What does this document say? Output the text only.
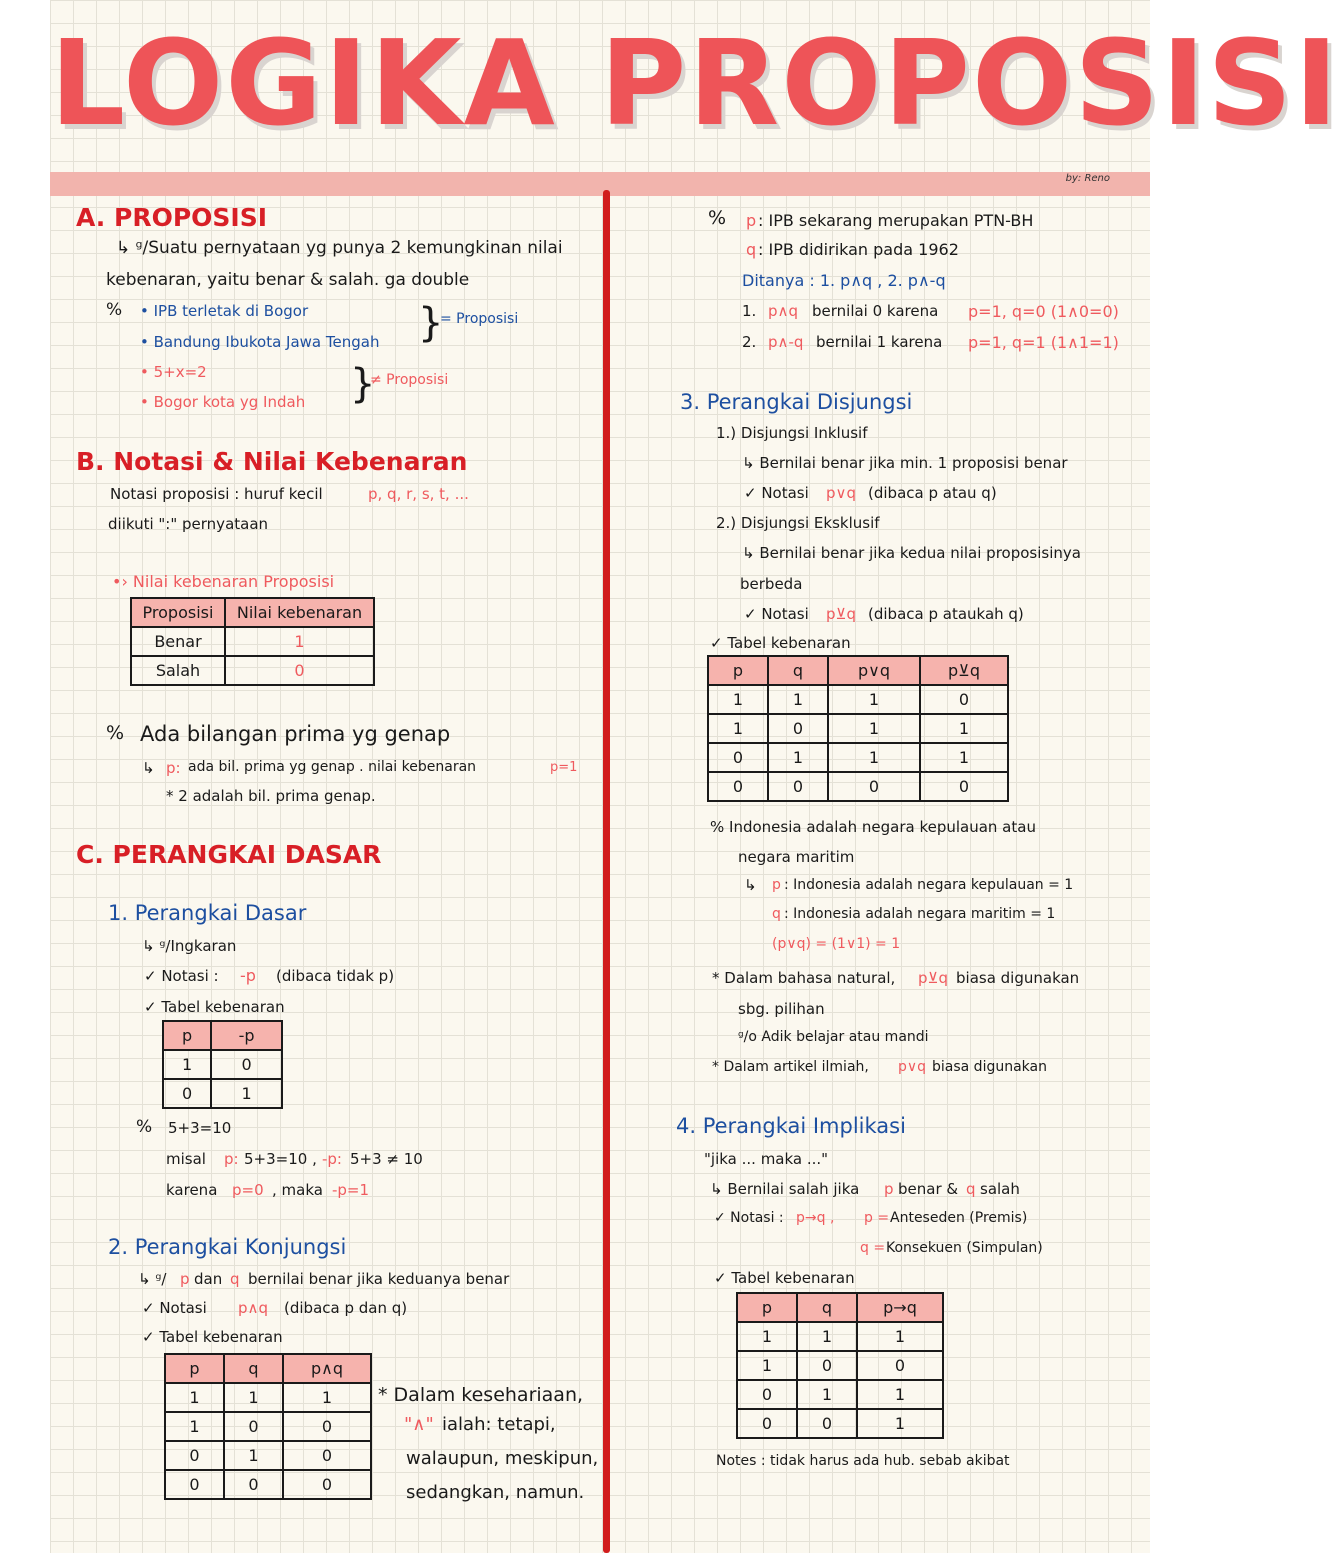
LOGIKA PROPOSISI
by: Reno
A. PROPOSISI
↳ ᵍ/Suatu pernyataan yg punya 2 kemungkinan nilai
kebenaran, yaitu benar & salah. ga double
% • IPB terletak di Bogor
• Bandung Ibukota Jawa Tengah }
= Proposisi
• 5+x=2
• Bogor kota yg Indah }
≠ Proposisi
B. Notasi & Nilai Kebenaran
Notasi proposisi : huruf kecil	p, q, r, s, t, ...
diikuti ":" pernyataan
•› Nilai kebenaran Proposisi
Proposisi	Nilai kebenaran
Benar	1
Salah	0
% Ada bilangan prima yg genap
↳ p: ada bil. prima yg genap . nilai kebenaran	p=1
* 2 adalah bil. prima genap.
C. PERANGKAI DASAR
1. Perangkai Dasar
↳ ᵍ/Ingkaran
✓ Notasi : -p (dibaca tidak p)
✓ Tabel kebenaran
p	-p
1	0
0	1
% 5+3=10
misal p: 5+3=10 , -p: 5+3 ≠ 10
karena p=0 , maka -p=1
2. Perangkai Konjungsi
↳ ᵍ/ p dan q bernilai benar jika keduanya benar
✓ Notasi p∧q (dibaca p dan q)
✓ Tabel kebenaran
p	q	p∧q
1	1	1
1	0	0
0	1	0
0	0	0
* Dalam kesehariaan,
"∧" ialah: tetapi,
walaupun, meskipun,
sedangkan, namun.
% p : IPB sekarang merupakan PTN-BH
q : IPB didirikan pada 1962
Ditanya : 1. p∧q , 2. p∧-q
1. p∧q bernilai 0 karena p=1, q=0 (1∧0=0)
2. p∧-q bernilai 1 karena p=1, q=1 (1∧1=1)
3. Perangkai Disjungsi
1.) Disjungsi Inklusif
↳ Bernilai benar jika min. 1 proposisi benar
✓ Notasi p∨q (dibaca p atau q)
2.) Disjungsi Eksklusif
↳ Bernilai benar jika kedua nilai proposisinya
berbeda
✓ Notasi p⊻q (dibaca p ataukah q)
✓ Tabel kebenaran
p	q	p∨q	p⊻q
1	1	1	0
1	0	1	1
0	1	1	1
0	0	0	0
% Indonesia adalah negara kepulauan atau
negara maritim
↳ p : Indonesia adalah negara kepulauan = 1
q : Indonesia adalah negara maritim = 1
(p∨q) = (1∨1) = 1
* Dalam bahasa natural, p⊻q biasa digunakan
sbg. pilihan
ᵍ/o Adik belajar atau mandi
* Dalam artikel ilmiah, p∨q biasa digunakan
4. Perangkai Implikasi
"jika ... maka ..."
↳ Bernilai salah jika p benar & q salah
✓ Notasi : p→q , p = Anteseden (Premis)
q = Konsekuen (Simpulan)
✓ Tabel kebenaran
p	q	p→q
1	1	1
1	0	0
0	1	1
0	0	1
Notes : tidak harus ada hub. sebab akibat
